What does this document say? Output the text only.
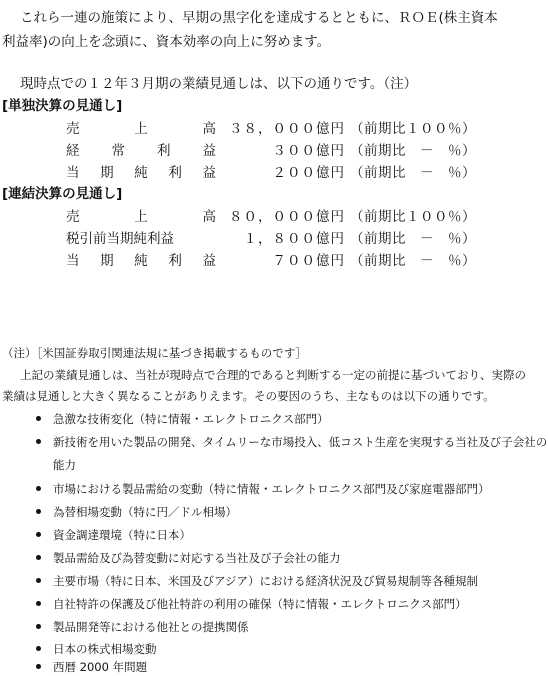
これら一連の施策により、早期の黒字化を達成するとともに、ＲＯＥ(株主資本
利益率)の向上を念頭に、資本効率の向上に努めます。
現時点での１２年３月期の業績見通しは、以下の通りです。（注）
[単独決算の見通し]
売	上	高 ３８，０００億円 （前期比１００％）
経 常 利 益	３００億円 （前期比　－　％）
当 期 純 利 益	２００億円 （前期比　－　％）
[連結決算の見通し]
売	上	高 ８０，０００億円 （前期比１００％）
税引前当期純利益	１，８００億円 （前期比　－　％）
当 期 純 利 益	７００億円 （前期比　－　％）
（注）［米国証券取引関連法規に基づき掲載するものです］
上記の業績見通しは、当社が現時点で合理的であると判断する一定の前提に基づいており、実際の
業績は見通しと大きく異なることがありえます。その要因のうち、主なものは以下の通りです。
急激な技術変化（特に情報・エレクトロニクス部門）
新技術を用いた製品の開発、タイムリーな市場投入、低コスト生産を実現する当社及び子会社の
能力
市場における製品需給の変動（特に情報・エレクトロニクス部門及び家庭電器部門）
為替相場変動（特に円／ドル相場）
資金調達環境（特に日本）
製品需給及び為替変動に対応する当社及び子会社の能力
主要市場（特に日本、米国及びアジア）における経済状況及び貿易規制等各種規制
自社特許の保護及び他社特許の利用の確保（特に情報・エレクトロニクス部門）
製品開発等における他社との提携関係
日本の株式相場変動
西暦 2000 年問題
